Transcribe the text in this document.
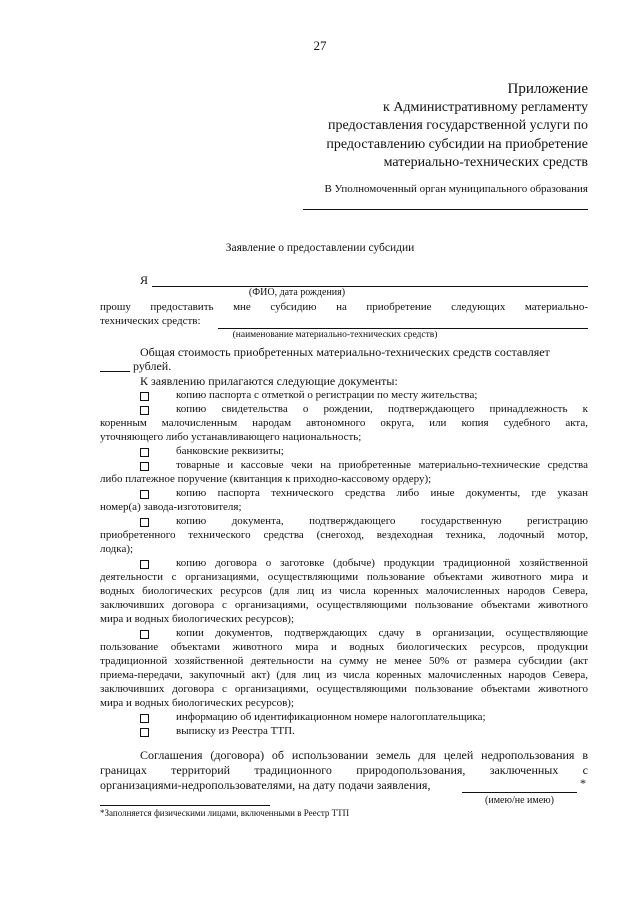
27
Приложение
к Административному регламенту
предоставления государственной услуги по
предоставлению субсидии на приобретение
материально-технических средств
В Уполномоченный орган муниципального образования
Заявление о предоставлении субсидии
Я
(ФИО, дата рождения)
прошу предоставить мне субсидию на приобретение следующих материально-
технических средств:
(наименование материально-технических средств)
Общая стоимость приобретенных материально-технических средств составляет
рублей.
К заявлению прилагаются следующие документы:
копию паспорта с отметкой о регистрации по месту жительства;
копию свидетельства о рождении, подтверждающего принадлежность к
коренным малочисленным народам автономного округа, или копия судебного акта,
уточняющего либо устанавливающего национальность;
банковские реквизиты;
товарные и кассовые чеки на приобретенные материально-технические средства
либо платежное поручение (квитанция к приходно-кассовому ордеру);
копию паспорта технического средства либо иные документы, где указан
номер(а) завода-изготовителя;
копию документа, подтверждающего государственную регистрацию
приобретенного технического средства (снегоход, вездеходная техника, лодочный мотор,
лодка);
копию договора о заготовке (добыче) продукции традиционной хозяйственной
деятельности с организациями, осуществляющими пользование объектами животного мира и
водных биологических ресурсов (для лиц из числа коренных малочисленных народов Севера,
заключивших договора с организациями, осуществляющими пользование объектами животного
мира и водных биологических ресурсов);
копии документов, подтверждающих сдачу в организации, осуществляющие
пользование объектами животного мира и водных биологических ресурсов, продукции
традиционной хозяйственной деятельности на сумму не менее 50% от размера субсидии (акт
приема-передачи, закупочный акт) (для лиц из числа коренных малочисленных народов Севера,
заключивших договора с организациями, осуществляющими пользование объектами животного
мира и водных биологических ресурсов);
информацию об идентификационном номере налогоплательщика;
выписку из Реестра ТТП.
Соглашения (договора) об использовании земель для целей недропользования в
границах территорий традиционного природопользования, заключенных с
организациями-недропользователями, на дату подачи заявления,	*
(имею/не имею)
*Заполняется физическими лицами, включенными в Реестр ТТП
